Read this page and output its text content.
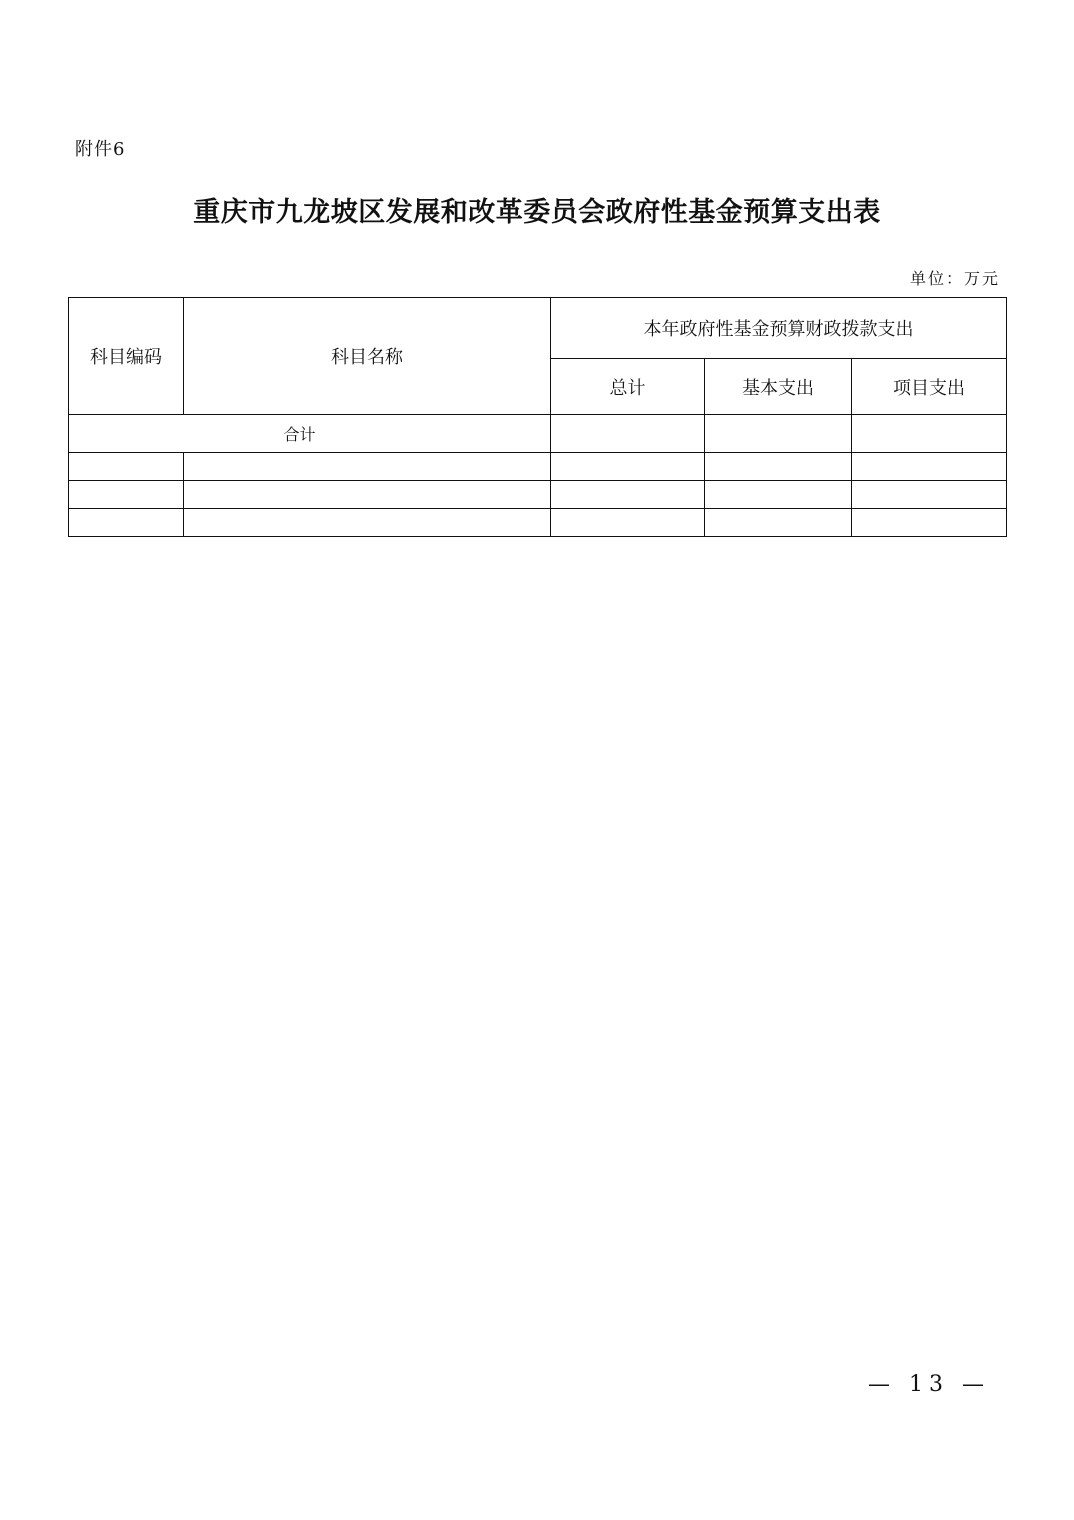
附件6
重庆市九龙坡区发展和改革委员会政府性基金预算支出表
单位：万元
科目编码	科目名称	本年政府性基金预算财政拨款支出		
		总计	基本支出	项目支出
合计				

— 13 —
